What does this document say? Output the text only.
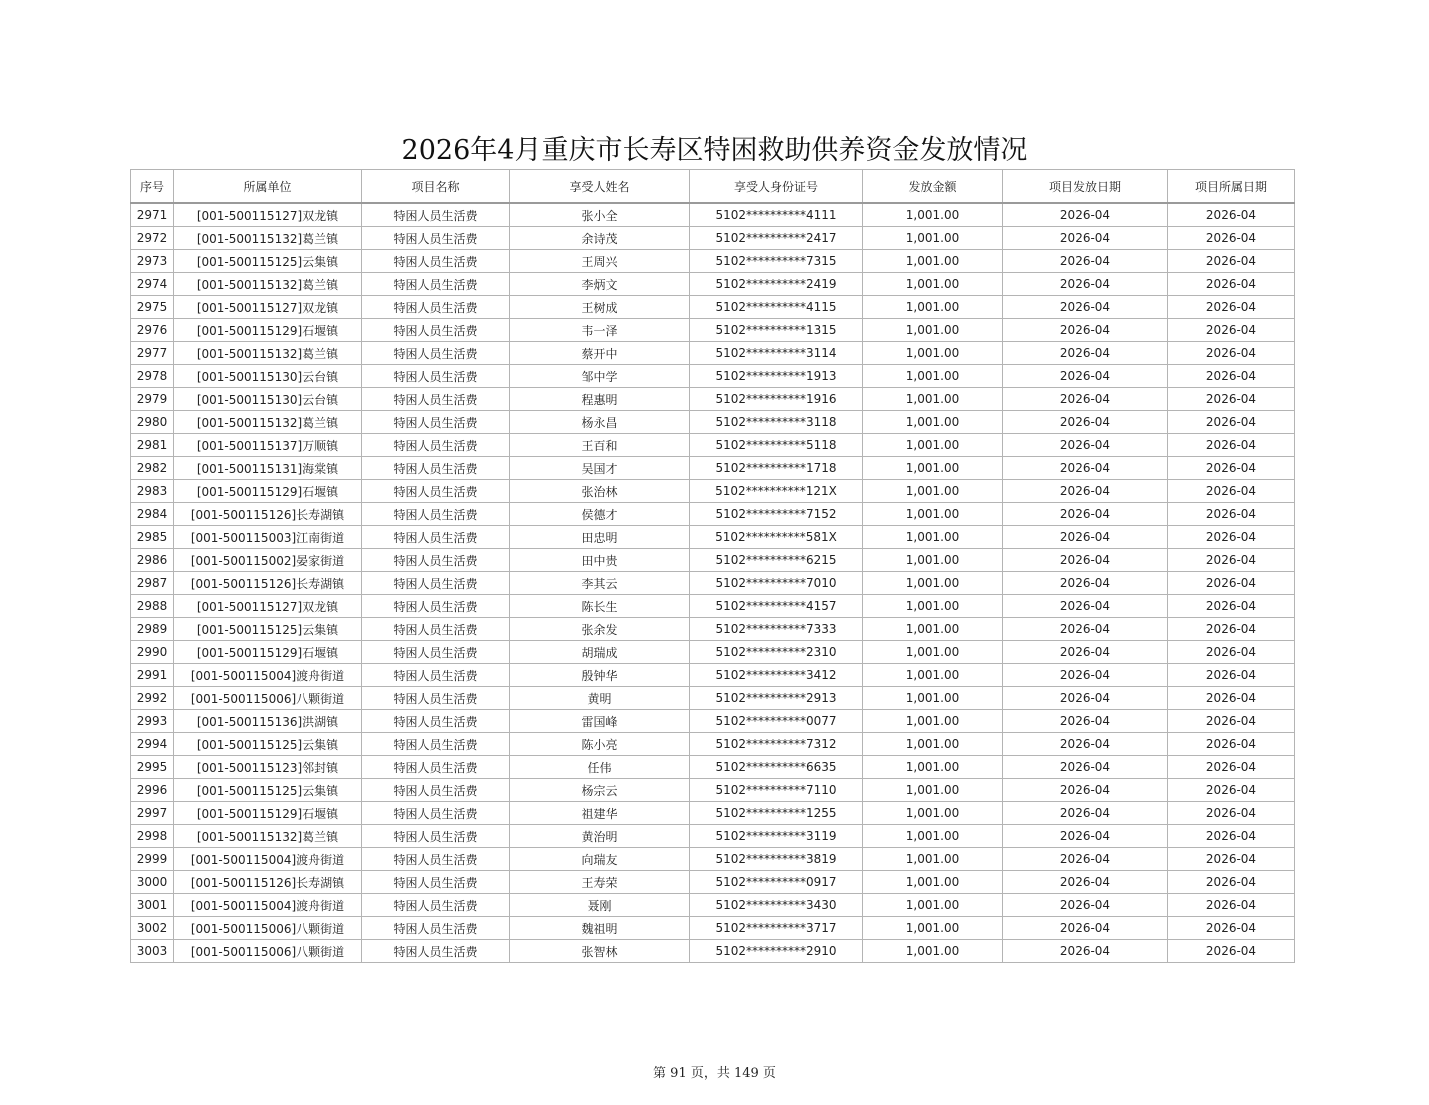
2026年4月重庆市长寿区特困救助供养资金发放情况
序号	所属单位	项目名称	享受人姓名	享受人身份证号	发放金额	项目发放日期	项目所属日期
2971	[001-500115127]双龙镇	特困人员生活费	张小全	5102**********4111	1,001.00	2026-04	2026-04
2972	[001-500115132]葛兰镇	特困人员生活费	余诗茂	5102**********2417	1,001.00	2026-04	2026-04
2973	[001-500115125]云集镇	特困人员生活费	王周兴	5102**********7315	1,001.00	2026-04	2026-04
2974	[001-500115132]葛兰镇	特困人员生活费	李炳文	5102**********2419	1,001.00	2026-04	2026-04
2975	[001-500115127]双龙镇	特困人员生活费	王树成	5102**********4115	1,001.00	2026-04	2026-04
2976	[001-500115129]石堰镇	特困人员生活费	韦一泽	5102**********1315	1,001.00	2026-04	2026-04
2977	[001-500115132]葛兰镇	特困人员生活费	蔡开中	5102**********3114	1,001.00	2026-04	2026-04
2978	[001-500115130]云台镇	特困人员生活费	邹中学	5102**********1913	1,001.00	2026-04	2026-04
2979	[001-500115130]云台镇	特困人员生活费	程惠明	5102**********1916	1,001.00	2026-04	2026-04
2980	[001-500115132]葛兰镇	特困人员生活费	杨永昌	5102**********3118	1,001.00	2026-04	2026-04
2981	[001-500115137]万顺镇	特困人员生活费	王百和	5102**********5118	1,001.00	2026-04	2026-04
2982	[001-500115131]海棠镇	特困人员生活费	吴国才	5102**********1718	1,001.00	2026-04	2026-04
2983	[001-500115129]石堰镇	特困人员生活费	张治林	5102**********121X	1,001.00	2026-04	2026-04
2984	[001-500115126]长寿湖镇	特困人员生活费	侯德才	5102**********7152	1,001.00	2026-04	2026-04
2985	[001-500115003]江南街道	特困人员生活费	田忠明	5102**********581X	1,001.00	2026-04	2026-04
2986	[001-500115002]晏家街道	特困人员生活费	田中贵	5102**********6215	1,001.00	2026-04	2026-04
2987	[001-500115126]长寿湖镇	特困人员生活费	李其云	5102**********7010	1,001.00	2026-04	2026-04
2988	[001-500115127]双龙镇	特困人员生活费	陈长生	5102**********4157	1,001.00	2026-04	2026-04
2989	[001-500115125]云集镇	特困人员生活费	张余发	5102**********7333	1,001.00	2026-04	2026-04
2990	[001-500115129]石堰镇	特困人员生活费	胡瑞成	5102**********2310	1,001.00	2026-04	2026-04
2991	[001-500115004]渡舟街道	特困人员生活费	殷钟华	5102**********3412	1,001.00	2026-04	2026-04
2992	[001-500115006]八颗街道	特困人员生活费	黄明	5102**********2913	1,001.00	2026-04	2026-04
2993	[001-500115136]洪湖镇	特困人员生活费	雷国峰	5102**********0077	1,001.00	2026-04	2026-04
2994	[001-500115125]云集镇	特困人员生活费	陈小亮	5102**********7312	1,001.00	2026-04	2026-04
2995	[001-500115123]邻封镇	特困人员生活费	任伟	5102**********6635	1,001.00	2026-04	2026-04
2996	[001-500115125]云集镇	特困人员生活费	杨宗云	5102**********7110	1,001.00	2026-04	2026-04
2997	[001-500115129]石堰镇	特困人员生活费	祖建华	5102**********1255	1,001.00	2026-04	2026-04
2998	[001-500115132]葛兰镇	特困人员生活费	黄治明	5102**********3119	1,001.00	2026-04	2026-04
2999	[001-500115004]渡舟街道	特困人员生活费	向瑞友	5102**********3819	1,001.00	2026-04	2026-04
3000	[001-500115126]长寿湖镇	特困人员生活费	王寿荣	5102**********0917	1,001.00	2026-04	2026-04
3001	[001-500115004]渡舟街道	特困人员生活费	聂刚	5102**********3430	1,001.00	2026-04	2026-04
3002	[001-500115006]八颗街道	特困人员生活费	魏祖明	5102**********3717	1,001.00	2026-04	2026-04
3003	[001-500115006]八颗街道	特困人员生活费	张智林	5102**********2910	1,001.00	2026-04	2026-04
第 91 页，共 149 页
